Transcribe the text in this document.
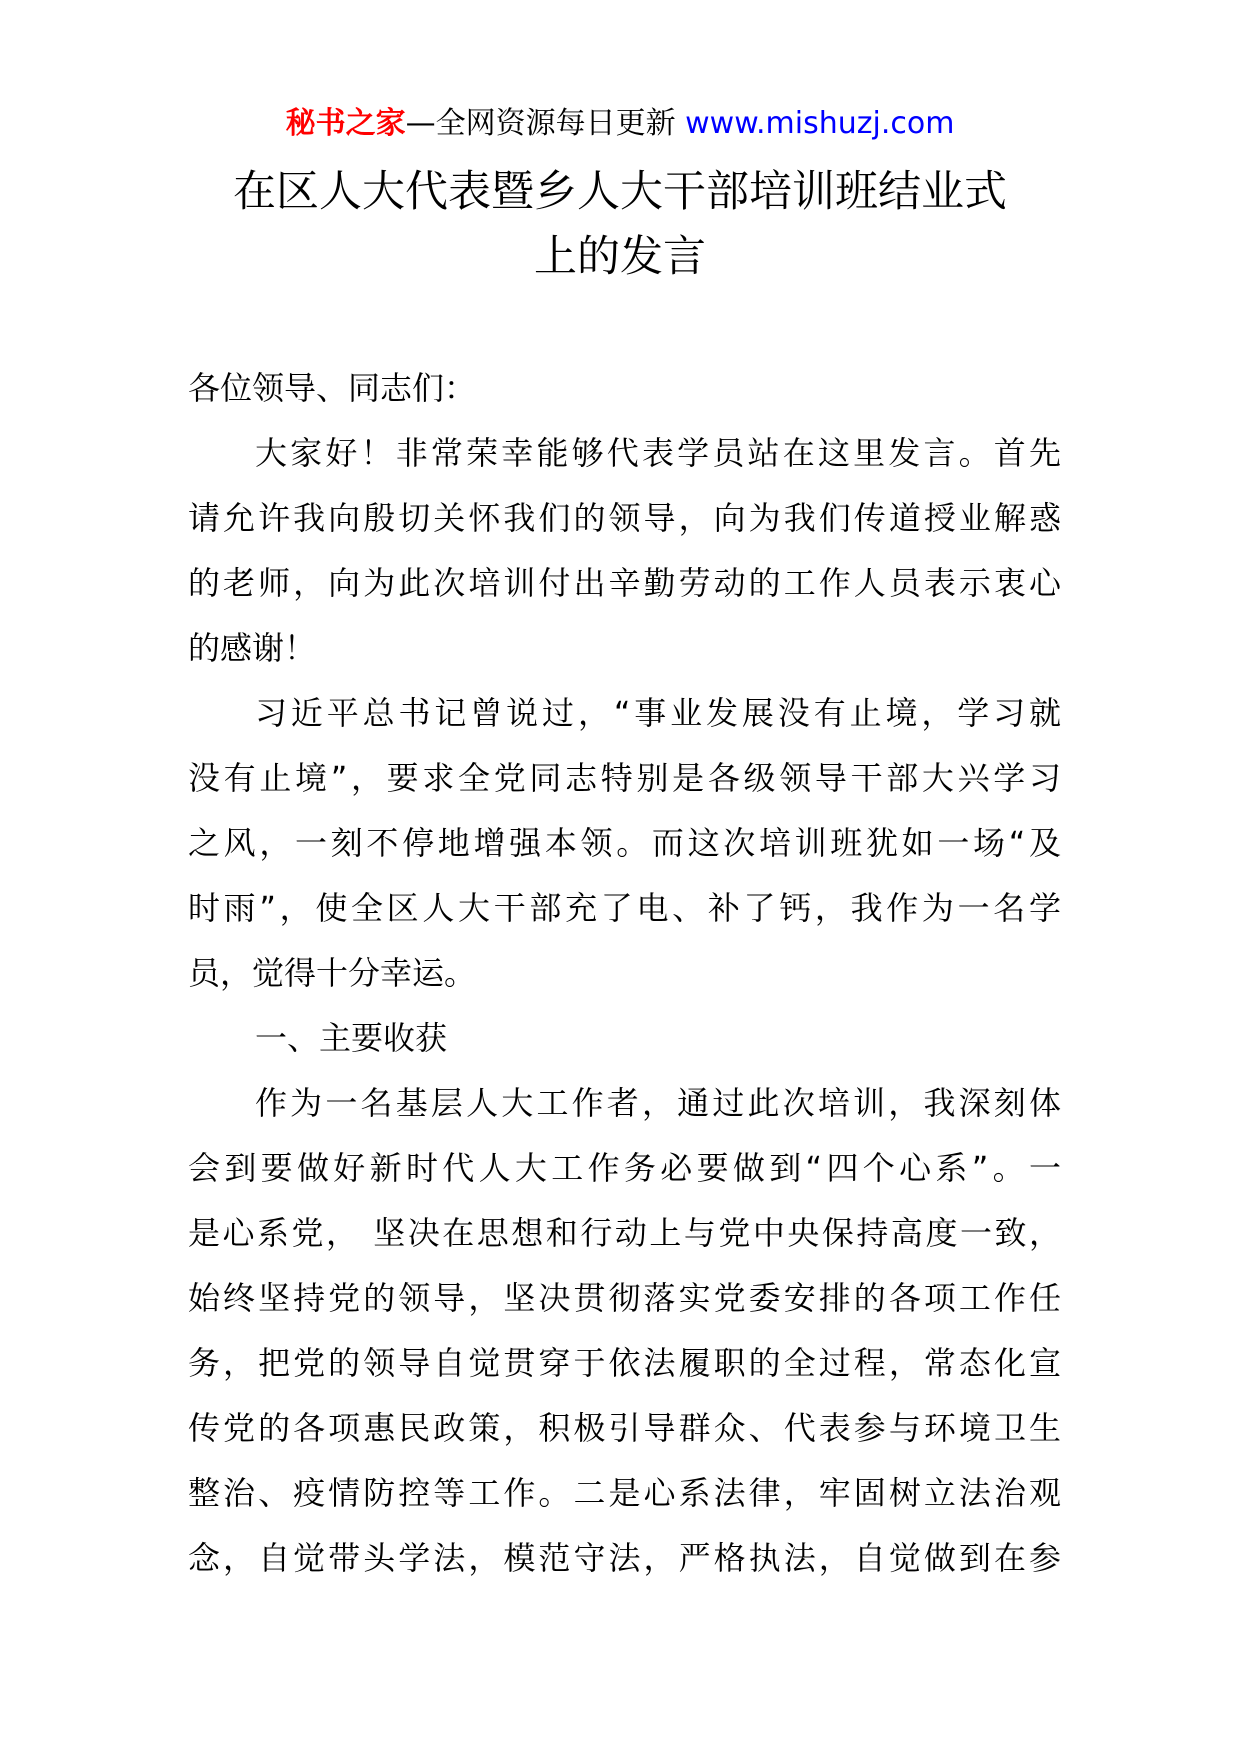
秘书之家—全网资源每日更新 www.mishuzj.com
在区人大代表暨乡人大干部培训班结业式
上的发言
各位领导、同志们：
大家好！非常荣幸能够代表学员站在这里发言。首先
请允许我向殷切关怀我们的领导，向为我们传道授业解惑
的老师，向为此次培训付出辛勤劳动的工作人员表示衷心
的感谢！
习近平总书记曾说过，“事业发展没有止境，学习就
没有止境”，要求全党同志特别是各级领导干部大兴学习
之风，一刻不停地增强本领。而这次培训班犹如一场“及
时雨”，使全区人大干部充了电、补了钙，我作为一名学
员，觉得十分幸运。
一、主要收获
作为一名基层人大工作者，通过此次培训，我深刻体
会到要做好新时代人大工作务必要做到“四个心系”。一
是心系党， 坚决在思想和行动上与党中央保持高度一致，
始终坚持党的领导，坚决贯彻落实党委安排的各项工作任
务，把党的领导自觉贯穿于依法履职的全过程，常态化宣
传党的各项惠民政策，积极引导群众、代表参与环境卫生
整治、疫情防控等工作。二是心系法律，牢固树立法治观
念，自觉带头学法，模范守法，严格执法，自觉做到在参
